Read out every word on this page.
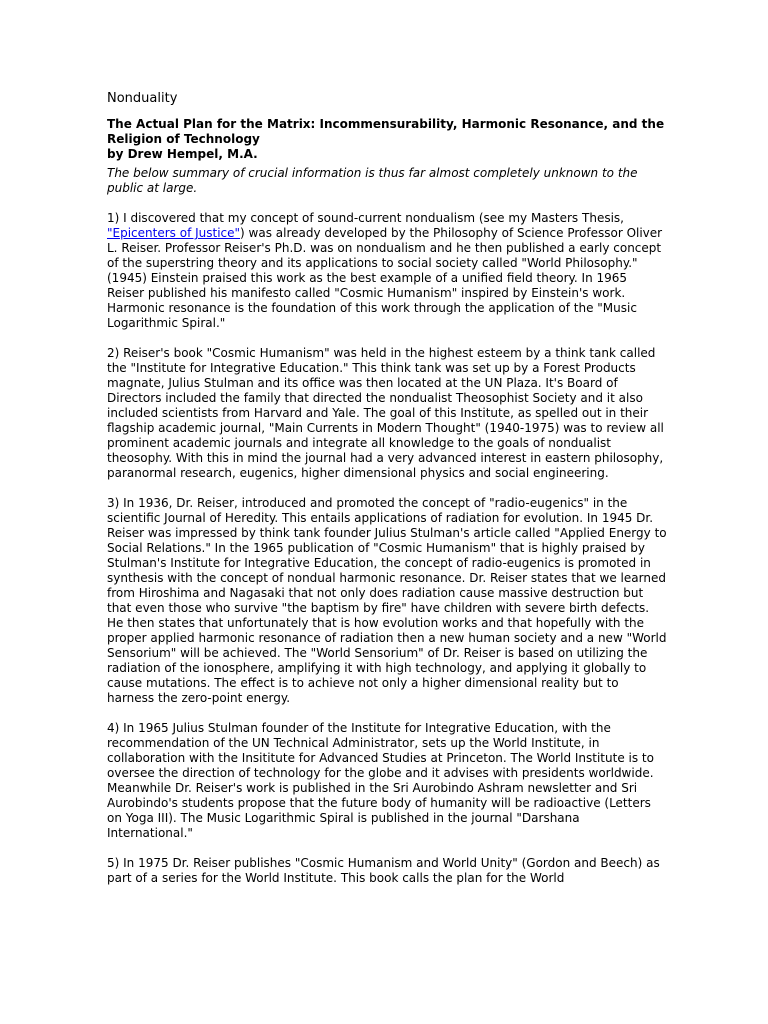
Nonduality
The Actual Plan for the Matrix: Incommensurability, Harmonic Resonance, and the Religion of Technology
by Drew Hempel, M.A.
The below summary of crucial information is thus far almost completely unknown to the public at large.
1) I discovered that my concept of sound-current nondualism (see my Masters Thesis, "Epicenters of Justice") was already developed by the Philosophy of Science Professor Oliver L. Reiser. Professor Reiser's Ph.D. was on nondualism and he then published a early concept of the superstring theory and its applications to social society called "World Philosophy." (1945) Einstein praised this work as the best example of a unified field theory. In 1965 Reiser published his manifesto called "Cosmic Humanism" inspired by Einstein's work. Harmonic resonance is the foundation of this work through the application of the "Music Logarithmic Spiral."
2) Reiser's book "Cosmic Humanism" was held in the highest esteem by a think tank called the "Institute for Integrative Education." This think tank was set up by a Forest Products magnate, Julius Stulman and its office was then located at the UN Plaza. It's Board of Directors included the family that directed the nondualist Theosophist Society and it also included scientists from Harvard and Yale. The goal of this Institute, as spelled out in their flagship academic journal, "Main Currents in Modern Thought" (1940-1975) was to review all prominent academic journals and integrate all knowledge to the goals of nondualist theosophy. With this in mind the journal had a very advanced interest in eastern philosophy, paranormal research, eugenics, higher dimensional physics and social engineering.
3) In 1936, Dr. Reiser, introduced and promoted the concept of "radio-eugenics" in the scientific Journal of Heredity. This entails applications of radiation for evolution. In 1945 Dr. Reiser was impressed by think tank founder Julius Stulman's article called "Applied Energy to Social Relations." In the 1965 publication of "Cosmic Humanism" that is highly praised by Stulman's Institute for Integrative Education, the concept of radio-eugenics is promoted in synthesis with the concept of nondual harmonic resonance. Dr. Reiser states that we learned from Hiroshima and Nagasaki that not only does radiation cause massive destruction but that even those who survive "the baptism by fire" have children with severe birth defects. He then states that unfortunately that is how evolution works and that hopefully with the proper applied harmonic resonance of radiation then a new human society and a new "World Sensorium" will be achieved. The "World Sensorium" of Dr. Reiser is based on utilizing the radiation of the ionosphere, amplifying it with high technology, and applying it globally to cause mutations. The effect is to achieve not only a higher dimensional reality but to harness the zero-point energy.
4) In 1965 Julius Stulman founder of the Institute for Integrative Education, with the recommendation of the UN Technical Administrator, sets up the World Institute, in collaboration with the Insititute for Advanced Studies at Princeton. The World Institute is to oversee the direction of technology for the globe and it advises with presidents worldwide. Meanwhile Dr. Reiser's work is published in the Sri Aurobindo Ashram newsletter and Sri Aurobindo's students propose that the future body of humanity will be radioactive (Letters on Yoga III). The Music Logarithmic Spiral is published in the journal "Darshana International."
5) In 1975 Dr. Reiser publishes "Cosmic Humanism and World Unity" (Gordon and Beech) as part of a series for the World Institute. This book calls the plan for the World
